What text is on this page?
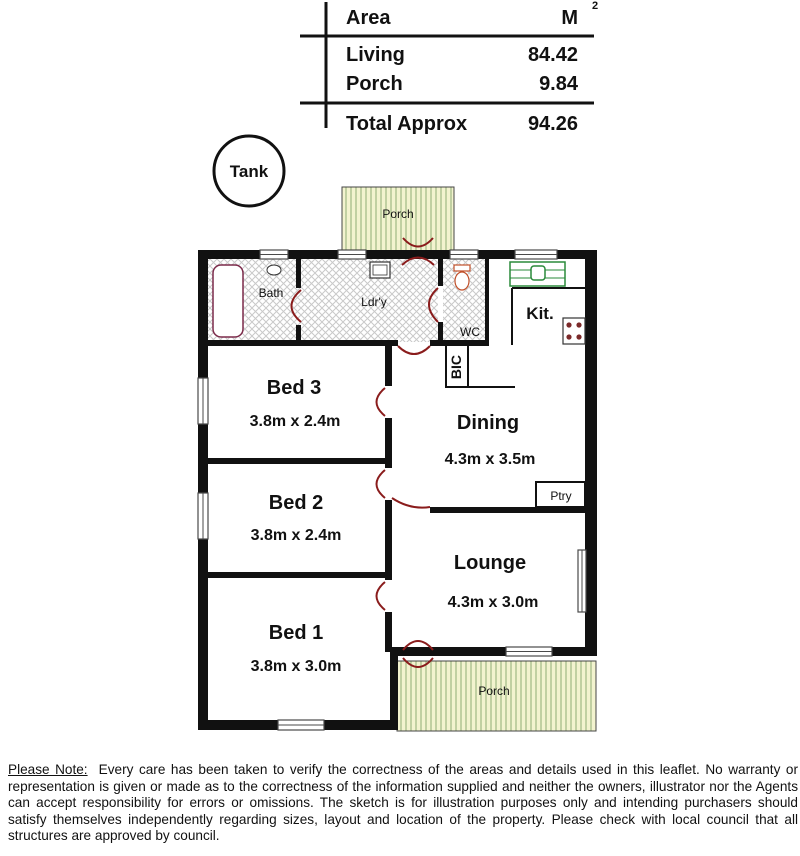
Area	M
2
Living	84.42
Porch	9.84
Total Approx	94.26
Tank
Porch
Porch
Bath
Ldr'y
WC
Kit.
BIC
Ptry
Bed 3
3.8m x 2.4m
Bed 2
3.8m x 2.4m
Bed 1
3.8m x 3.0m
Dining
4.3m x 3.5m
Lounge
4.3m x 3.0m
Please Note: Every care has been taken to verify the correctness of the areas and details used in this leaflet. No warranty or representation is given or made as to the correctness of the information supplied and neither the owners, illustrator nor the Agents can accept responsibility for errors or omissions. The sketch is for illustration purposes only and intending purchasers should satisfy themselves independently regarding sizes, layout and location of the property. Please check with local council that all structures are approved by council.
